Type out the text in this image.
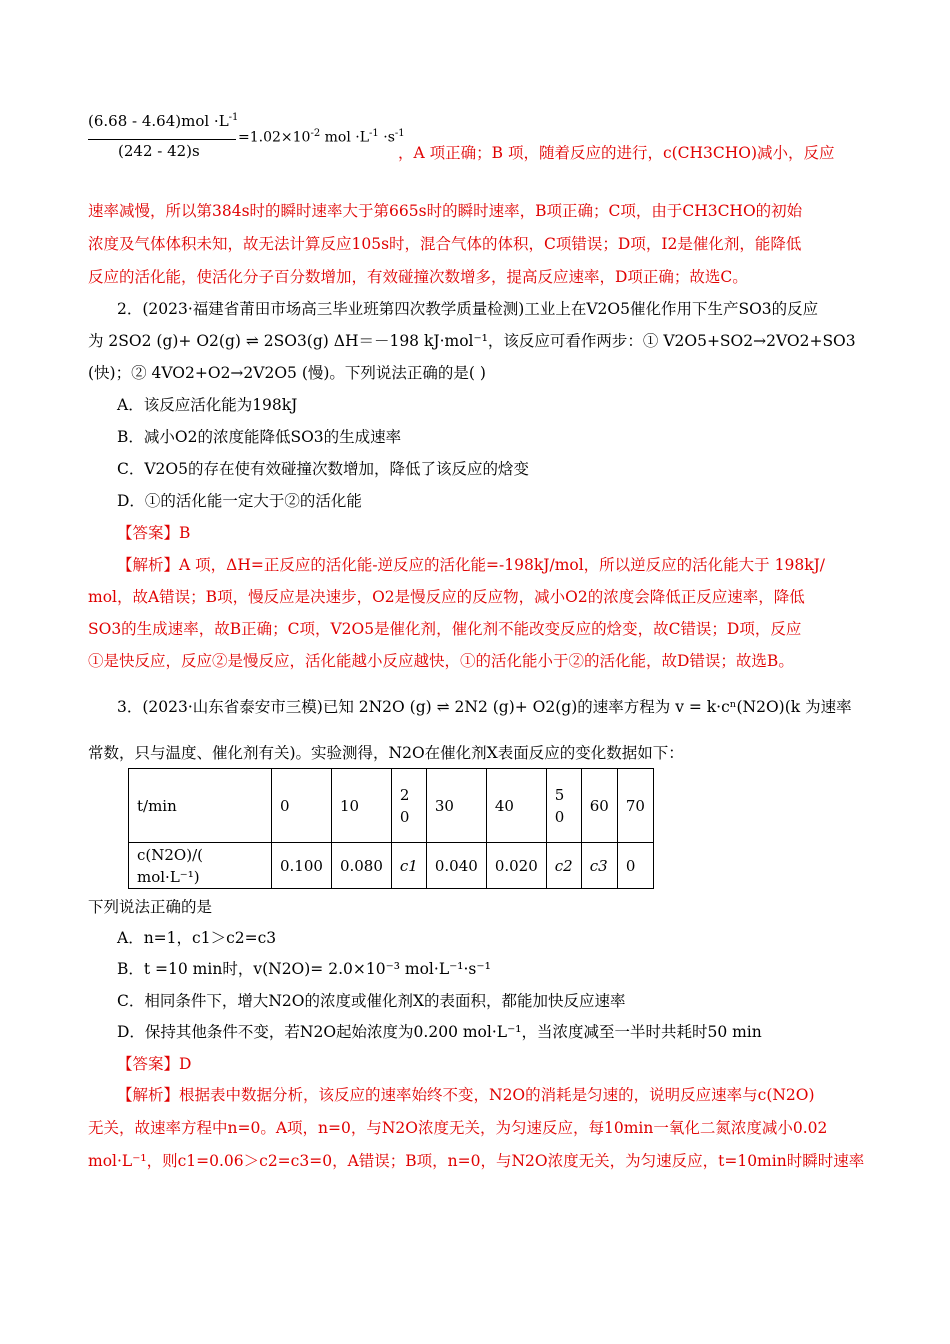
$(6.68 - 4.64)mol \cdot L^{-1}$
(242 - 42)s
$=1.02\times 10^{-2}$ mol $\cdot L^{-1} \cdot s^{-1}$
，A 项正确；B 项，随着反应的进行，c(CH3CHO)减小，反应
速率减慢，所以第384s时的瞬时速率大于第665s时的瞬时速率，B项正确；C项，由于CH3CHO的初始
浓度及气体体积未知，故无法计算反应105s时，混合气体的体积，C项错误；D项，I2是催化剂，能降低
反应的活化能，使活化分子百分数增加，有效碰撞次数增多，提高反应速率，D项正确；故选C。
2．(2023·福建省莆田市场高三毕业班第四次教学质量检测)工业上在V2O5催化作用下生产SO3的反应
为 2SO2 (g)+ O2(g) ⇌ 2SO3(g) ΔH＝－198 kJ·mol⁻¹，该反应可看作两步：① V2O5+SO2→2VO2+SO3
(快)；② 4VO2+O2→2V2O5 (慢)。下列说法正确的是( )
A．该反应活化能为198kJ
B．减小O2的浓度能降低SO3的生成速率
C．V2O5的存在使有效碰撞次数增加，降低了该反应的焓变
D．①的活化能一定大于②的活化能
【答案】B
【解析】A 项，ΔH=正反应的活化能-逆反应的活化能=-198kJ/mol，所以逆反应的活化能大于 198kJ/
mol，故A错误；B项，慢反应是决速步，O2是慢反应的反应物，减小O2的浓度会降低正反应速率，降低
SO3的生成速率，故B正确；C项，V2O5是催化剂，催化剂不能改变反应的焓变，故C错误；D项，反应
①是快反应，反应②是慢反应，活化能越小反应越快，①的活化能小于②的活化能，故D错误；故选B。
3．(2023·山东省泰安市三模)已知 2N2O (g) ⇌ 2N2 (g)+ O2(g)的速率方程为 v = k·cⁿ(N2O)(k 为速率
常数，只与温度、催化剂有关)。实验测得，N2O在催化剂X表面反应的变化数据如下：
t/min	0	10	20	30	40	50	60	70
c(N2O)/( mol·L⁻¹)	0.100	0.080	c1	0.040	0.020	c2	c3	0
下列说法正确的是
A．n=1，c1＞c2=c3
B．t =10 min时，v(N2O)= 2.0×10⁻³ mol·L⁻¹·s⁻¹
C．相同条件下，增大N2O的浓度或催化剂X的表面积，都能加快反应速率
D．保持其他条件不变，若N2O起始浓度为0.200 mol·L⁻¹，当浓度减至一半时共耗时50 min
【答案】D
【解析】根据表中数据分析，该反应的速率始终不变，N2O的消耗是匀速的，说明反应速率与c(N2O)
无关，故速率方程中n=0。A项，n=0，与N2O浓度无关，为匀速反应，每10min一氧化二氮浓度减小0.02
mol·L⁻¹，则c1=0.06＞c2=c3=0，A错误；B项，n=0，与N2O浓度无关，为匀速反应，t=10min时瞬时速率
